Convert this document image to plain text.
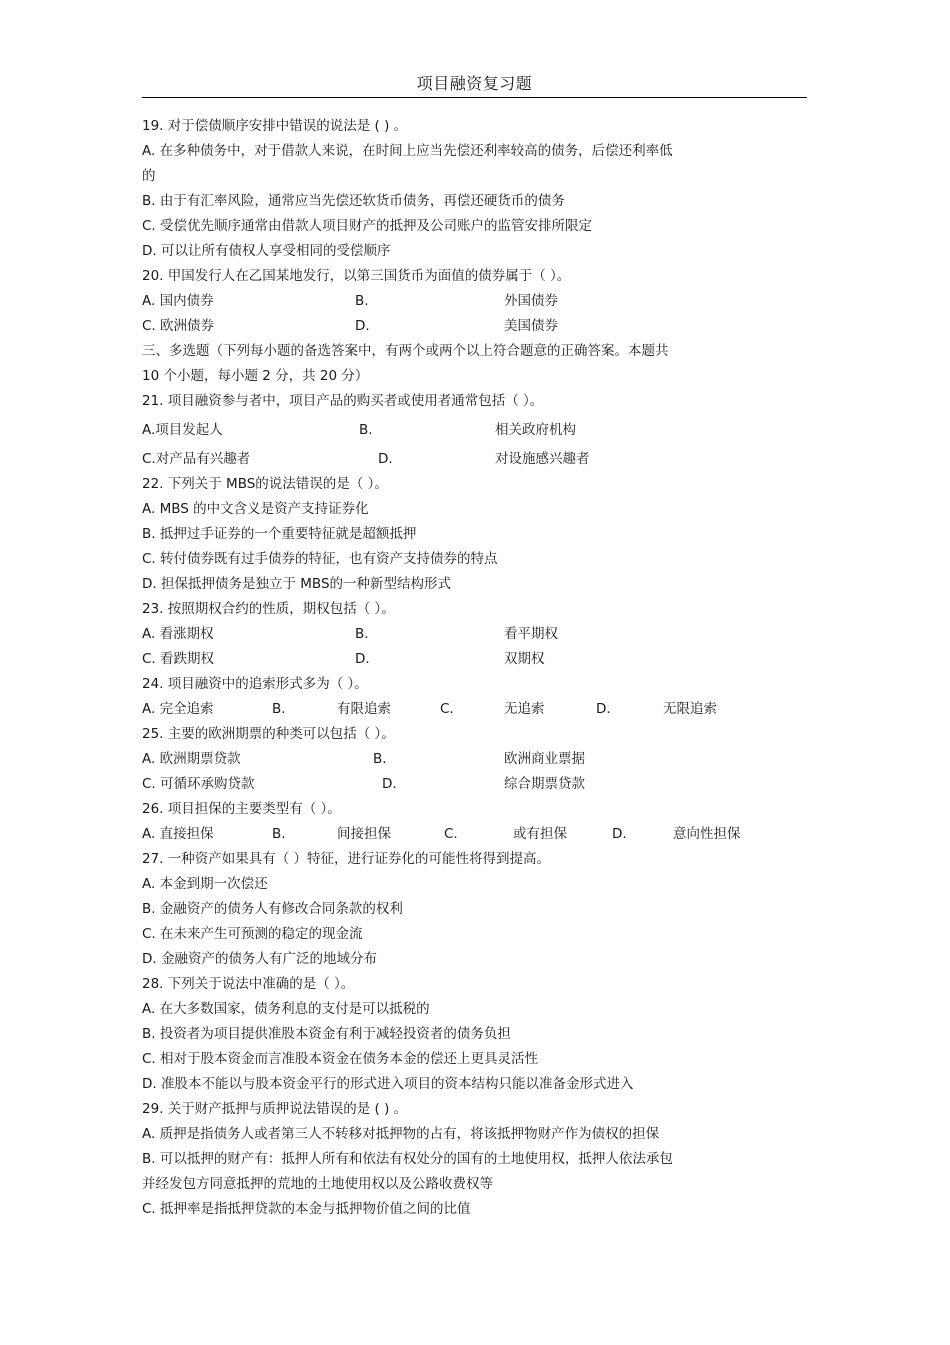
项目融资复习题
19. 对于偿债顺序安排中错误的说法是 ( ) 。
A. 在多种债务中，对于借款人来说，在时间上应当先偿还利率较高的债务，后偿还利率低
的
B. 由于有汇率风险，通常应当先偿还软货币债务，再偿还硬货币的债务
C. 受偿优先顺序通常由借款人项目财产的抵押及公司账户的监管安排所限定
D. 可以让所有债权人享受相同的受偿顺序
20. 甲国发行人在乙国某地发行，以第三国货币为面值的债券属于（ ）。
A. 国内债券	B.	外国债券
C. 欧洲债券	D.	美国债券
三、多选题（下列每小题的备选答案中，有两个或两个以上符合题意的正确答案。本题共
10 个小题，每小题 2 分，共 20 分）
21. 项目融资参与者中，项目产品的购买者或使用者通常包括（ ）。
A.项目发起人	B.	相关政府机构
C.对产品有兴趣者	D.	对设施感兴趣者
22. 下列关于 MBS的说法错误的是（ ）。
A. MBS 的中文含义是资产支持证券化
B. 抵押过手证券的一个重要特征就是超额抵押
C. 转付债券既有过手债券的特征，也有资产支持债券的特点
D. 担保抵押债务是独立于 MBS的一种新型结构形式
23. 按照期权合约的性质，期权包括（ ）。
A. 看涨期权	B.	看平期权
C. 看跌期权	D.	双期权
24. 项目融资中的追索形式多为（ ）。
A. 完全追索	B.	有限追索	C.	无追索	D.	无限追索
25. 主要的欧洲期票的种类可以包括（ ）。
A. 欧洲期票贷款	B.	欧洲商业票据
C. 可循环承购贷款	D.	综合期票贷款
26. 项目担保的主要类型有（ ）。
A. 直接担保	B.	间接担保	C.	或有担保	D.	意向性担保
27. 一种资产如果具有（ ）特征，进行证券化的可能性将得到提高。
A. 本金到期一次偿还
B. 金融资产的债务人有修改合同条款的权利
C. 在未来产生可预测的稳定的现金流
D. 金融资产的债务人有广泛的地域分布
28. 下列关于说法中准确的是（ ）。
A. 在大多数国家，债务利息的支付是可以抵税的
B. 投资者为项目提供准股本资金有利于减轻投资者的债务负担
C. 相对于股本资金而言准股本资金在债务本金的偿还上更具灵活性
D. 准股本不能以与股本资金平行的形式进入项目的资本结构只能以准备金形式进入
29. 关于财产抵押与质押说法错误的是 ( ) 。
A. 质押是指债务人或者第三人不转移对抵押物的占有，将该抵押物财产作为债权的担保
B. 可以抵押的财产有：抵押人所有和依法有权处分的国有的土地使用权，抵押人依法承包
并经发包方同意抵押的荒地的土地使用权以及公路收费权等
C. 抵押率是指抵押贷款的本金与抵押物价值之间的比值
